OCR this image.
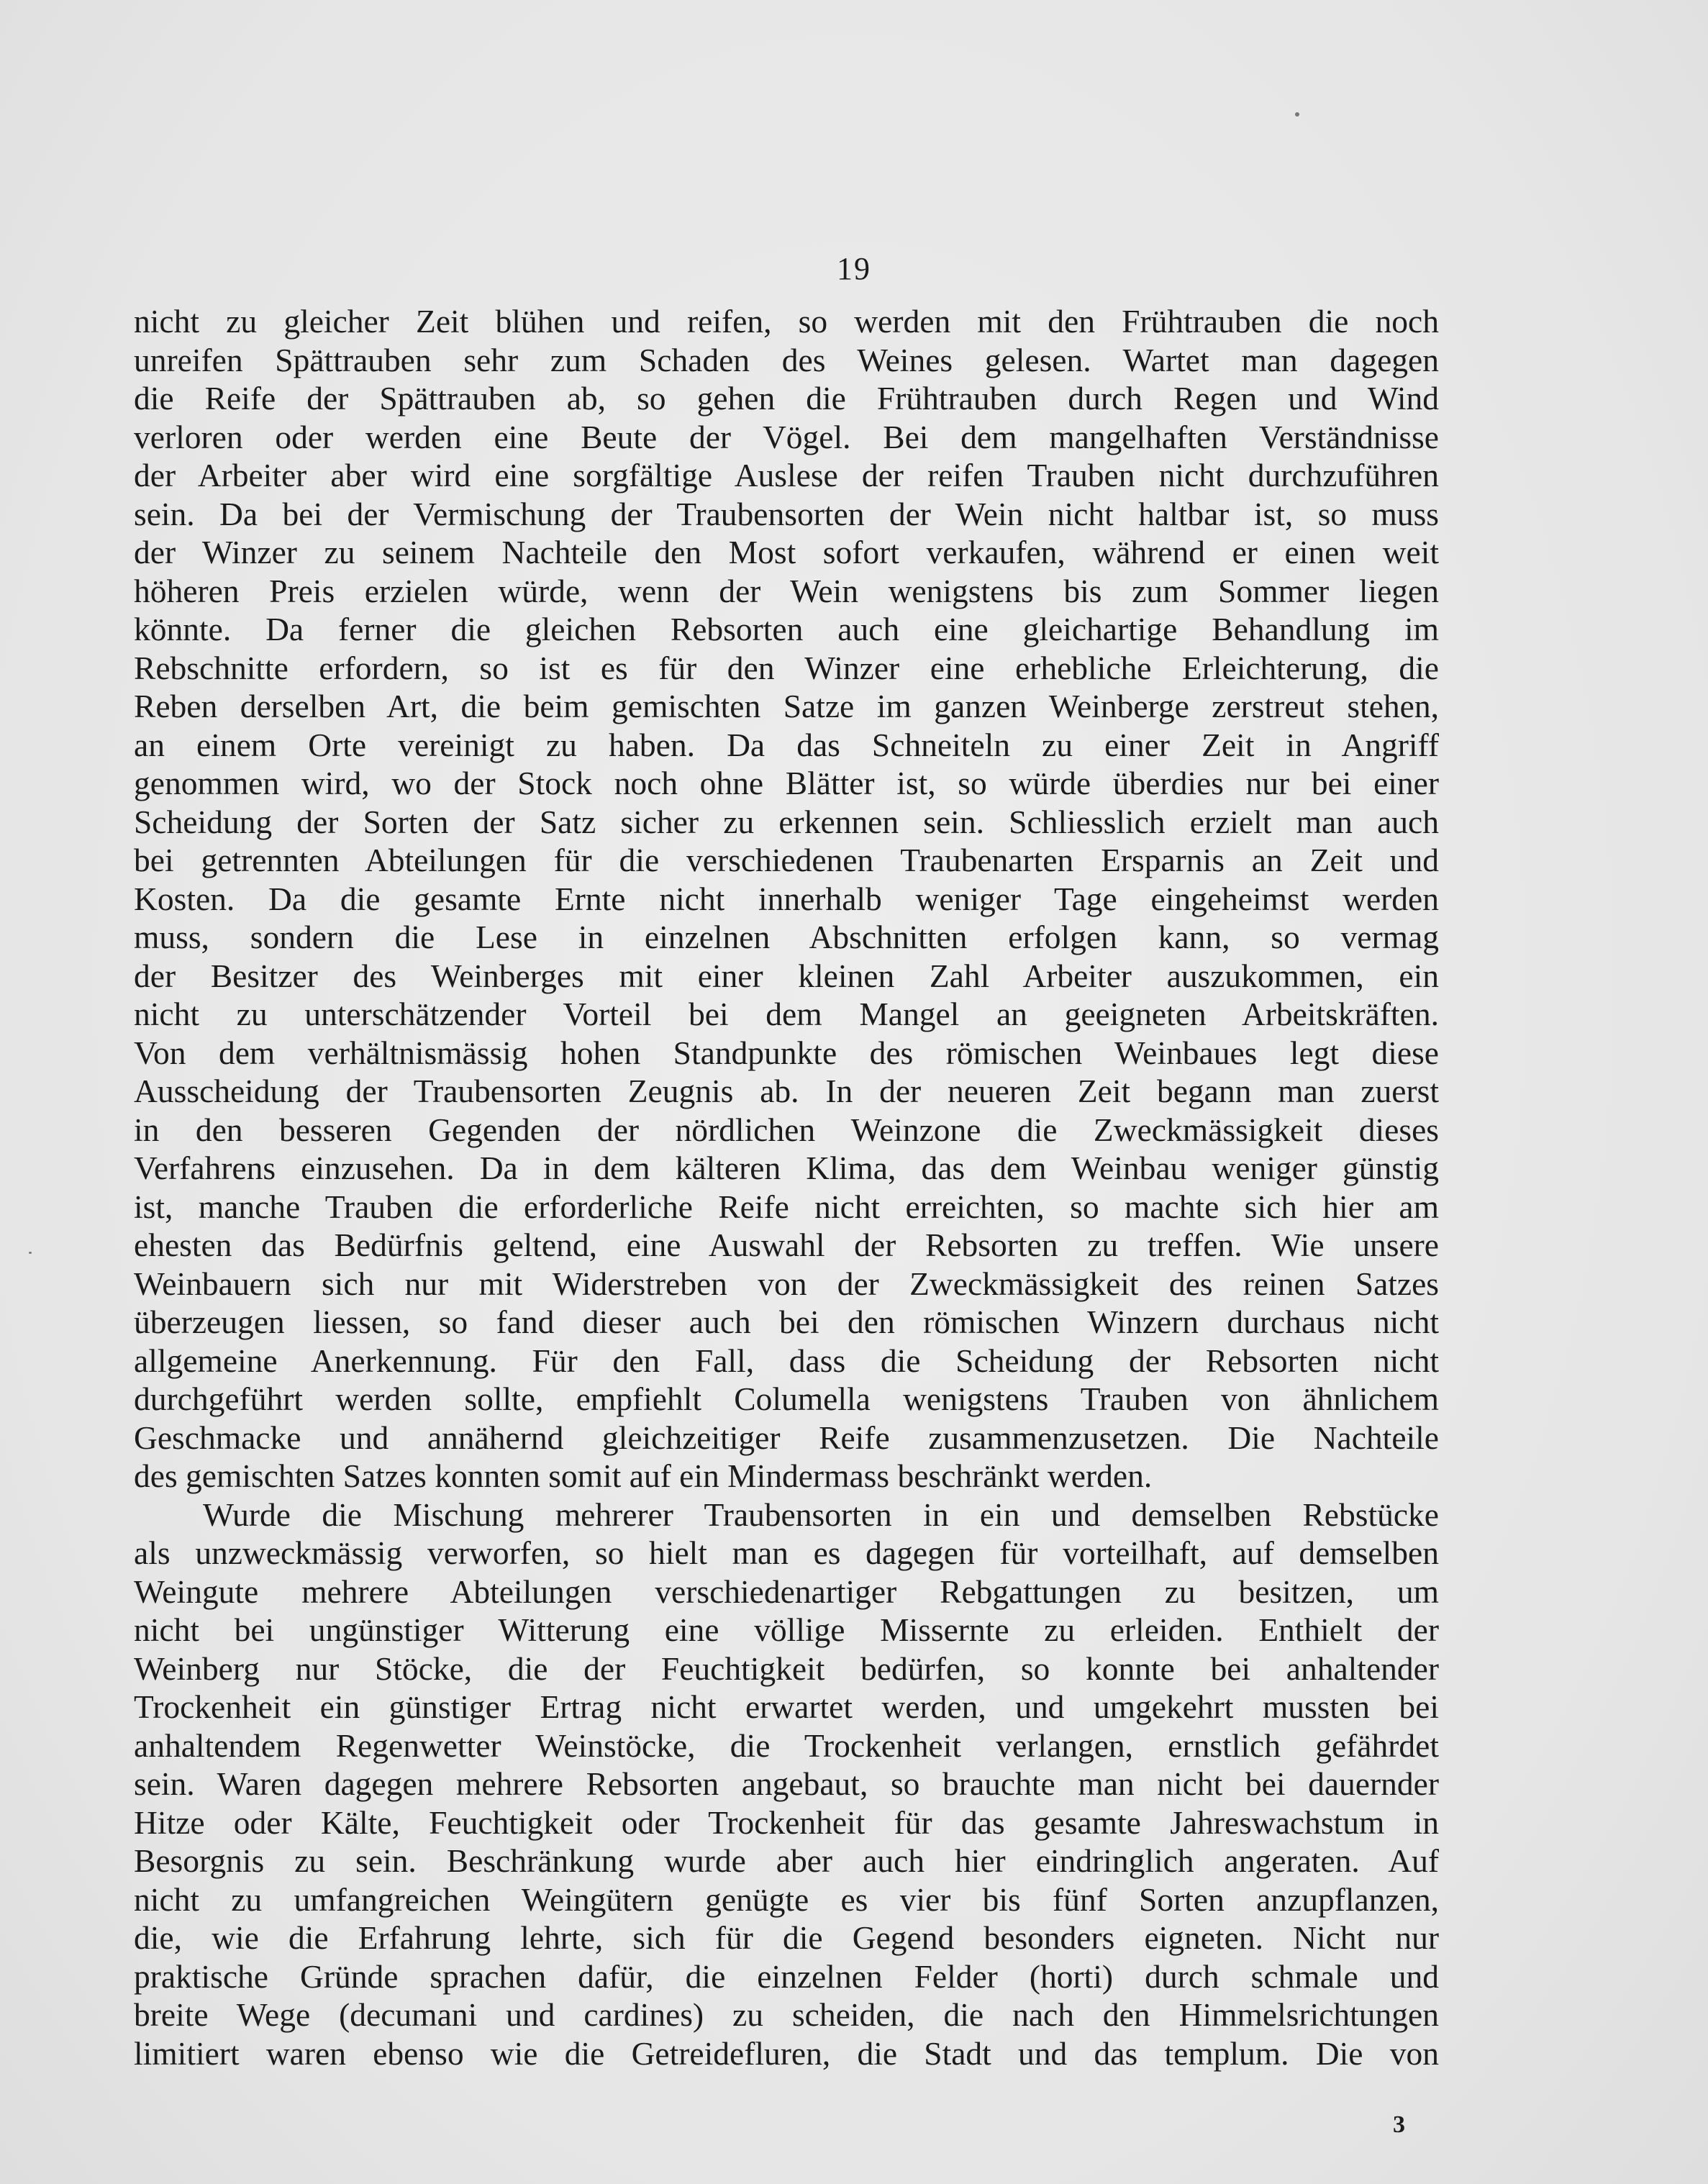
19
nicht zu gleicher Zeit blühen und reifen, so werden mit den Frühtrauben die noch
unreifen Spättrauben sehr zum Schaden des Weines gelesen. Wartet man dagegen
die Reife der Spättrauben ab, so gehen die Frühtrauben durch Regen und Wind
verloren oder werden eine Beute der Vögel. Bei dem mangelhaften Verständnisse
der Arbeiter aber wird eine sorgfältige Auslese der reifen Trauben nicht durchzuführen
sein. Da bei der Vermischung der Traubensorten der Wein nicht haltbar ist, so muss
der Winzer zu seinem Nachteile den Most sofort verkaufen, während er einen weit
höheren Preis erzielen würde, wenn der Wein wenigstens bis zum Sommer liegen
könnte. Da ferner die gleichen Rebsorten auch eine gleichartige Behandlung im
Rebschnitte erfordern, so ist es für den Winzer eine erhebliche Erleichterung, die
Reben derselben Art, die beim gemischten Satze im ganzen Weinberge zerstreut stehen,
an einem Orte vereinigt zu haben. Da das Schneiteln zu einer Zeit in Angriff
genommen wird, wo der Stock noch ohne Blätter ist, so würde überdies nur bei einer
Scheidung der Sorten der Satz sicher zu erkennen sein. Schliesslich erzielt man auch
bei getrennten Abteilungen für die verschiedenen Traubenarten Ersparnis an Zeit und
Kosten. Da die gesamte Ernte nicht innerhalb weniger Tage eingeheimst werden
muss, sondern die Lese in einzelnen Abschnitten erfolgen kann, so vermag
der Besitzer des Weinberges mit einer kleinen Zahl Arbeiter auszukommen, ein
nicht zu unterschätzender Vorteil bei dem Mangel an geeigneten Arbeitskräften.
Von dem verhältnismässig hohen Standpunkte des römischen Weinbaues legt diese
Ausscheidung der Traubensorten Zeugnis ab. In der neueren Zeit begann man zuerst
in den besseren Gegenden der nördlichen Weinzone die Zweckmässigkeit dieses
Verfahrens einzusehen. Da in dem kälteren Klima, das dem Weinbau weniger günstig
ist, manche Trauben die erforderliche Reife nicht erreichten, so machte sich hier am
ehesten das Bedürfnis geltend, eine Auswahl der Rebsorten zu treffen. Wie unsere
Weinbauern sich nur mit Widerstreben von der Zweckmässigkeit des reinen Satzes
überzeugen liessen, so fand dieser auch bei den römischen Winzern durchaus nicht
allgemeine Anerkennung. Für den Fall, dass die Scheidung der Rebsorten nicht
durchgeführt werden sollte, empfiehlt Columella wenigstens Trauben von ähnlichem
Geschmacke und annähernd gleichzeitiger Reife zusammenzusetzen. Die Nachteile
des gemischten Satzes konnten somit auf ein Mindermass beschränkt werden.
Wurde die Mischung mehrerer Traubensorten in ein und demselben Rebstücke
als unzweckmässig verworfen, so hielt man es dagegen für vorteilhaft, auf demselben
Weingute mehrere Abteilungen verschiedenartiger Rebgattungen zu besitzen, um
nicht bei ungünstiger Witterung eine völlige Missernte zu erleiden. Enthielt der
Weinberg nur Stöcke, die der Feuchtigkeit bedürfen, so konnte bei anhaltender
Trockenheit ein günstiger Ertrag nicht erwartet werden, und umgekehrt mussten bei
anhaltendem Regenwetter Weinstöcke, die Trockenheit verlangen, ernstlich gefährdet
sein. Waren dagegen mehrere Rebsorten angebaut, so brauchte man nicht bei dauernder
Hitze oder Kälte, Feuchtigkeit oder Trockenheit für das gesamte Jahreswachstum in
Besorgnis zu sein. Beschränkung wurde aber auch hier eindringlich angeraten. Auf
nicht zu umfangreichen Weingütern genügte es vier bis fünf Sorten anzupflanzen,
die, wie die Erfahrung lehrte, sich für die Gegend besonders eigneten. Nicht nur
praktische Gründe sprachen dafür, die einzelnen Felder (horti) durch schmale und
breite Wege (decumani und cardines) zu scheiden, die nach den Himmelsrichtungen
limitiert waren ebenso wie die Getreidefluren, die Stadt und das templum. Die von
3
